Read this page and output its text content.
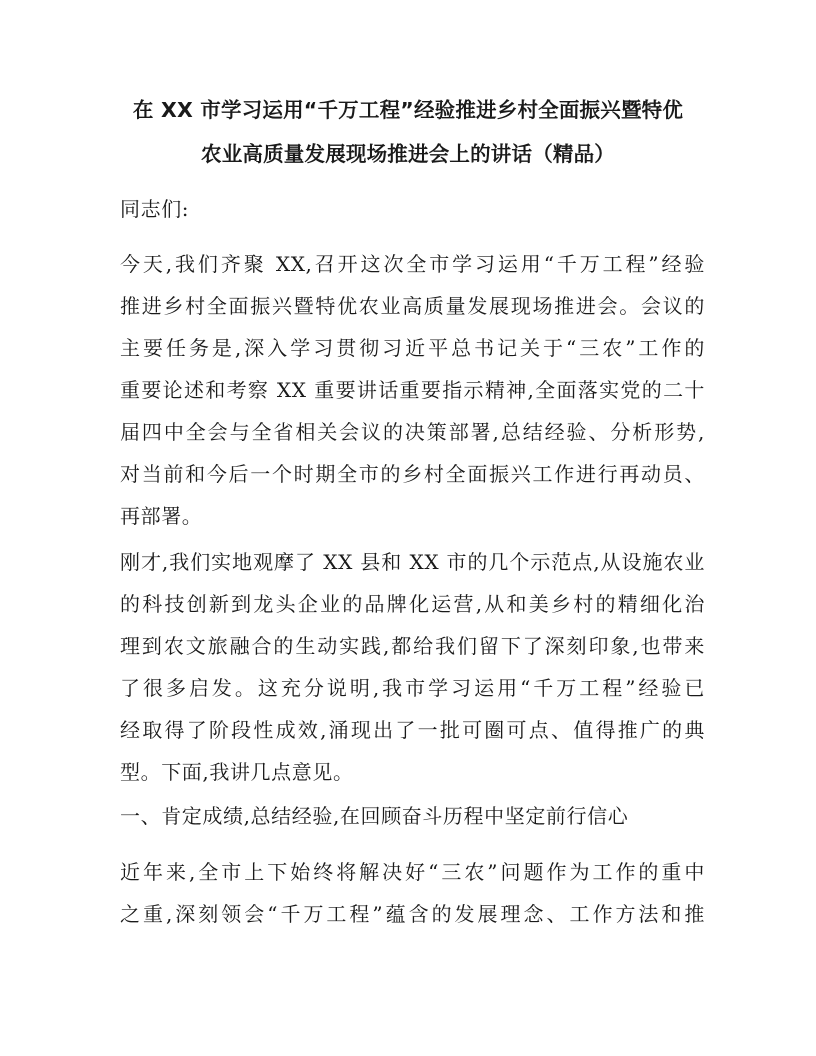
在 XX 市学习运用“千万工程”经验推进乡村全面振兴暨特优
农业高质量发展现场推进会上的讲话（精品）

同志们:

今天,我们齐聚 XX,召开这次全市学习运用“千万工程”经验
推进乡村全面振兴暨特优农业高质量发展现场推进会。会议的
主要任务是,深入学习贯彻习近平总书记关于“三农”工作的
重要论述和考察 XX 重要讲话重要指示精神,全面落实党的二十
届四中全会与全省相关会议的决策部署,总结经验、分析形势,
对当前和今后一个时期全市的乡村全面振兴工作进行再动员、
再部署。

刚才,我们实地观摩了 XX 县和 XX 市的几个示范点,从设施农业
的科技创新到龙头企业的品牌化运营,从和美乡村的精细化治
理到农文旅融合的生动实践,都给我们留下了深刻印象,也带来
了很多启发。这充分说明,我市学习运用“千万工程”经验已
经取得了阶段性成效,涌现出了一批可圈可点、值得推广的典
型。下面,我讲几点意见。

一、肯定成绩,总结经验,在回顾奋斗历程中坚定前行信心

近年来,全市上下始终将解决好“三农”问题作为工作的重中
之重,深刻领会“千万工程”蕴含的发展理念、工作方法和推
